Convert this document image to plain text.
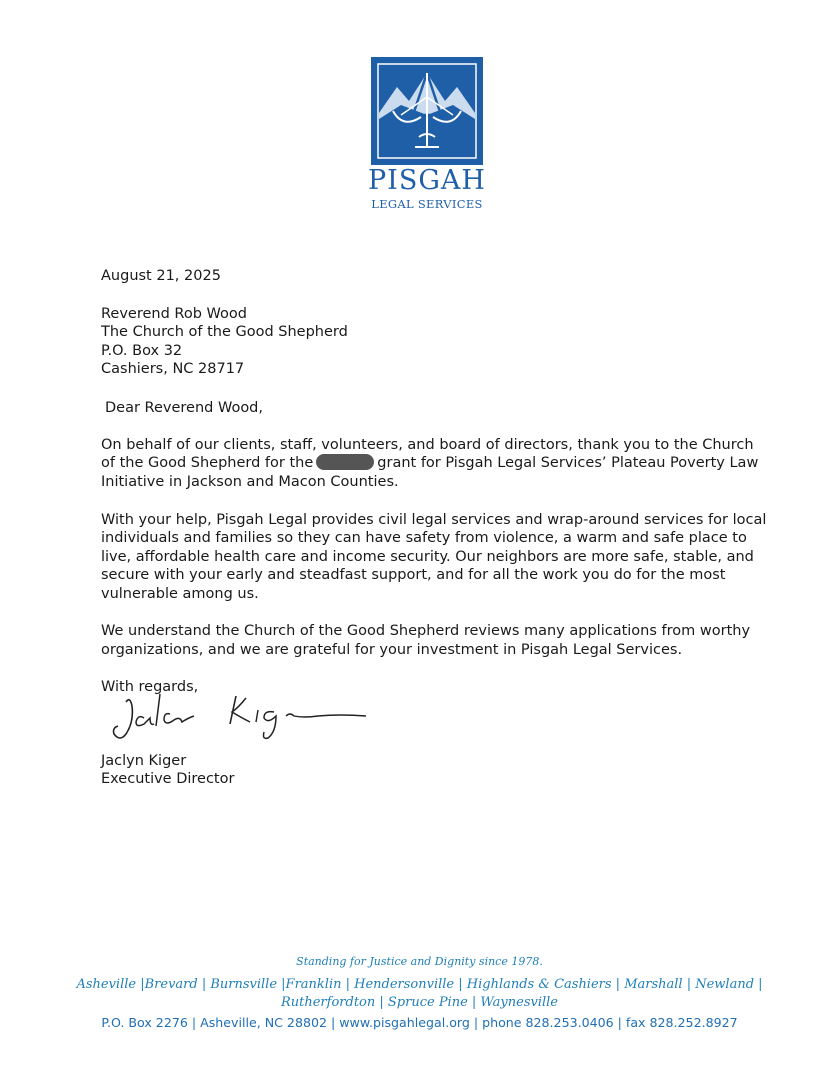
PISGAH
LEGAL SERVICES
August 21, 2025
Reverend Rob Wood
The Church of the Good Shepherd
P.O. Box 32
Cashiers, NC 28717
Dear Reverend Wood,
On behalf of our clients, staff, volunteers, and board of directors, thank you to the Church
of the Good Shepherd for the	grant for Pisgah Legal Services’ Plateau Poverty Law
Initiative in Jackson and Macon Counties.
With your help, Pisgah Legal provides civil legal services and wrap-around services for local
individuals and families so they can have safety from violence, a warm and safe place to
live, affordable health care and income security. Our neighbors are more safe, stable, and
secure with your early and steadfast support, and for all the work you do for the most
vulnerable among us.
We understand the Church of the Good Shepherd reviews many applications from worthy
organizations, and we are grateful for your investment in Pisgah Legal Services.
With regards,
Jaclyn Kiger
Executive Director
Standing for Justice and Dignity since 1978.
Asheville |Brevard | Burnsville |Franklin | Hendersonville | Highlands & Cashiers | Marshall | Newland |
Rutherfordton | Spruce Pine | Waynesville
P.O. Box 2276 | Asheville, NC 28802 | www.pisgahlegal.org | phone 828.253.0406 | fax 828.252.8927
